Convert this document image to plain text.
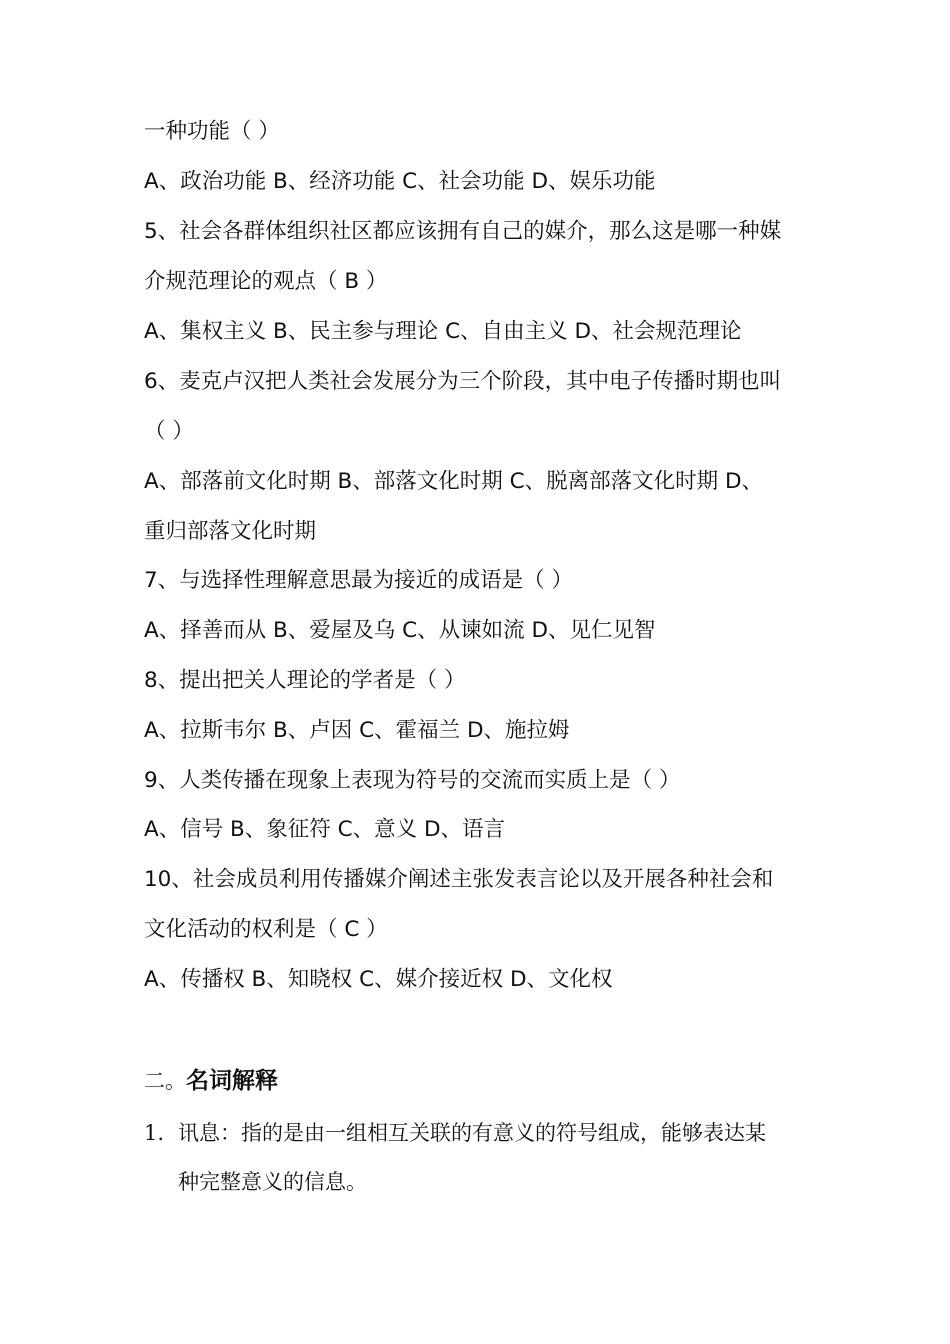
一种功能（ ）
A、政治功能 B、经济功能 C、社会功能 D、娱乐功能
5、社会各群体组织社区都应该拥有自己的媒介，那么这是哪一种媒
介规范理论的观点（ B ）
A、集权主义 B、民主参与理论 C、自由主义 D、社会规范理论
6、麦克卢汉把人类社会发展分为三个阶段，其中电子传播时期也叫
（ ）
A、部落前文化时期 B、部落文化时期 C、脱离部落文化时期 D、
重归部落文化时期
7、与选择性理解意思最为接近的成语是（ ）
A、择善而从 B、爱屋及乌 C、从谏如流 D、见仁见智
8、提出把关人理论的学者是（ ）
A、拉斯韦尔 B、卢因 C、霍福兰 D、施拉姆
9、人类传播在现象上表现为符号的交流而实质上是（ ）
A、信号 B、象征符 C、意义 D、语言
10、社会成员利用传播媒介阐述主张发表言论以及开展各种社会和
文化活动的权利是（ C ）
A、传播权 B、知晓权 C、媒介接近权 D、文化权
二。名词解释
1. 讯息：指的是由一组相互关联的有意义的符号组成，能够表达某
种完整意义的信息。
